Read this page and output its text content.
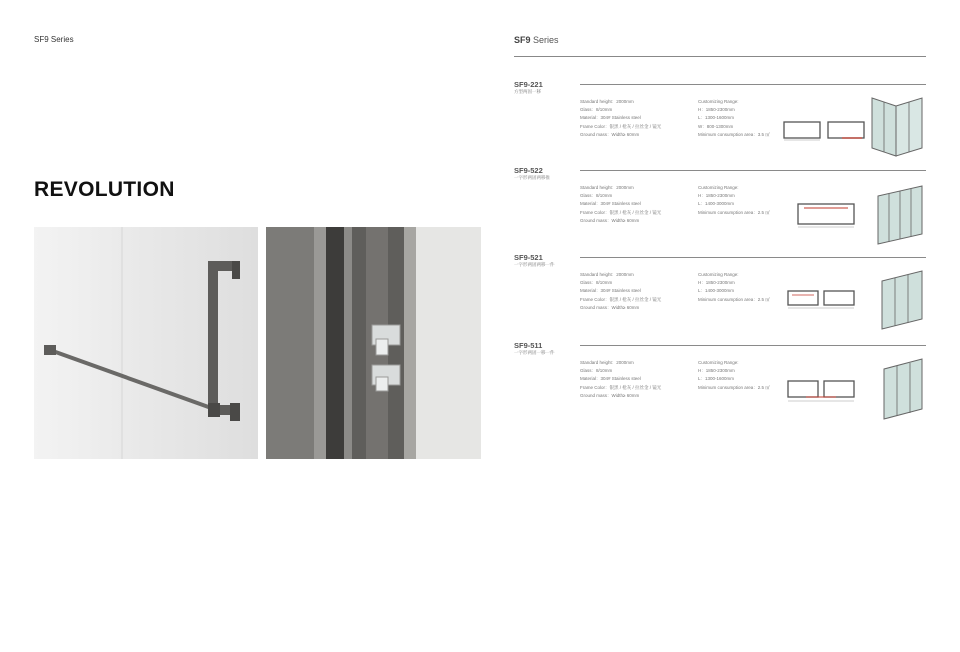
SF9 Series
REVOLUTION
SF9 Series
SF9-221
方型两固一移
Standard height：2000mm
Glass：8/10mm
Material：304# Stainless steel
Frame Color：银黑 / 枪灰 / 拉丝金 / 镜光
Ground mass：Width≥ 60mm
Customizing Range:
H：1850-2300mm
L：1300-1600mm
W：800-1300mm
Minimum consumption area：3.5 ㎡
SF9-522
一字形两固两移推
Standard height：2000mm
Glass：8/10mm
Material：304# Stainless steel
Frame Color：银黑 / 枪灰 / 拉丝金 / 镜光
Ground mass：Width≥ 60mm
Customizing Range:
H：1850-2300mm
L：1400-3000mm
Minimum consumption area：2.5 ㎡
SF9-521
一字形两固两移一件
Standard height：2000mm
Glass：8/10mm
Material：304# Stainless steel
Frame Color：银黑 / 枪灰 / 拉丝金 / 镜光
Ground mass：Width≥ 60mm
Customizing Range:
H：1850-2300mm
L：1400-3000mm
Minimum consumption area：2.5 ㎡
SF9-511
一字形两固一移一件
Standard height：2000mm
Glass：8/10mm
Material：304# Stainless steel
Frame Color：银黑 / 枪灰 / 拉丝金 / 镜光
Ground mass：Width≥ 60mm
Customizing Range:
H：1850-2300mm
L：1300-1600mm
Minimum consumption area：2.5 ㎡
